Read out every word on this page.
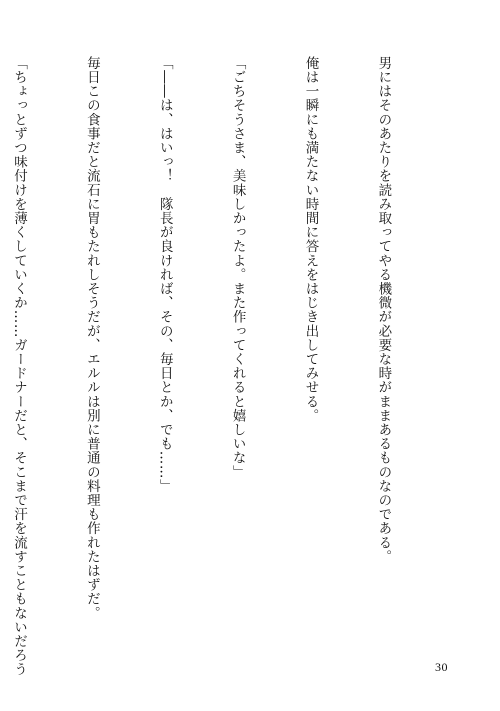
男にはそのあたりを読み取ってやる機微が必要な時がままあるものなのである。

俺は一瞬にも満たない時間に答えをはじき出してみせる。

「ごちそうさま、美味しかったよ。また作ってくれると嬉しいな」

「――は、はいっ！　隊長が良ければ、その、毎日とか、でも……」

毎日この食事だと流石に胃もたれしそうだが、エルルは別に普通の料理も作れたはずだ。

「ちょっとずつ味付けを薄くしていくか……ガードナーだと、そこまで汗を流すこともないだろう

	30
